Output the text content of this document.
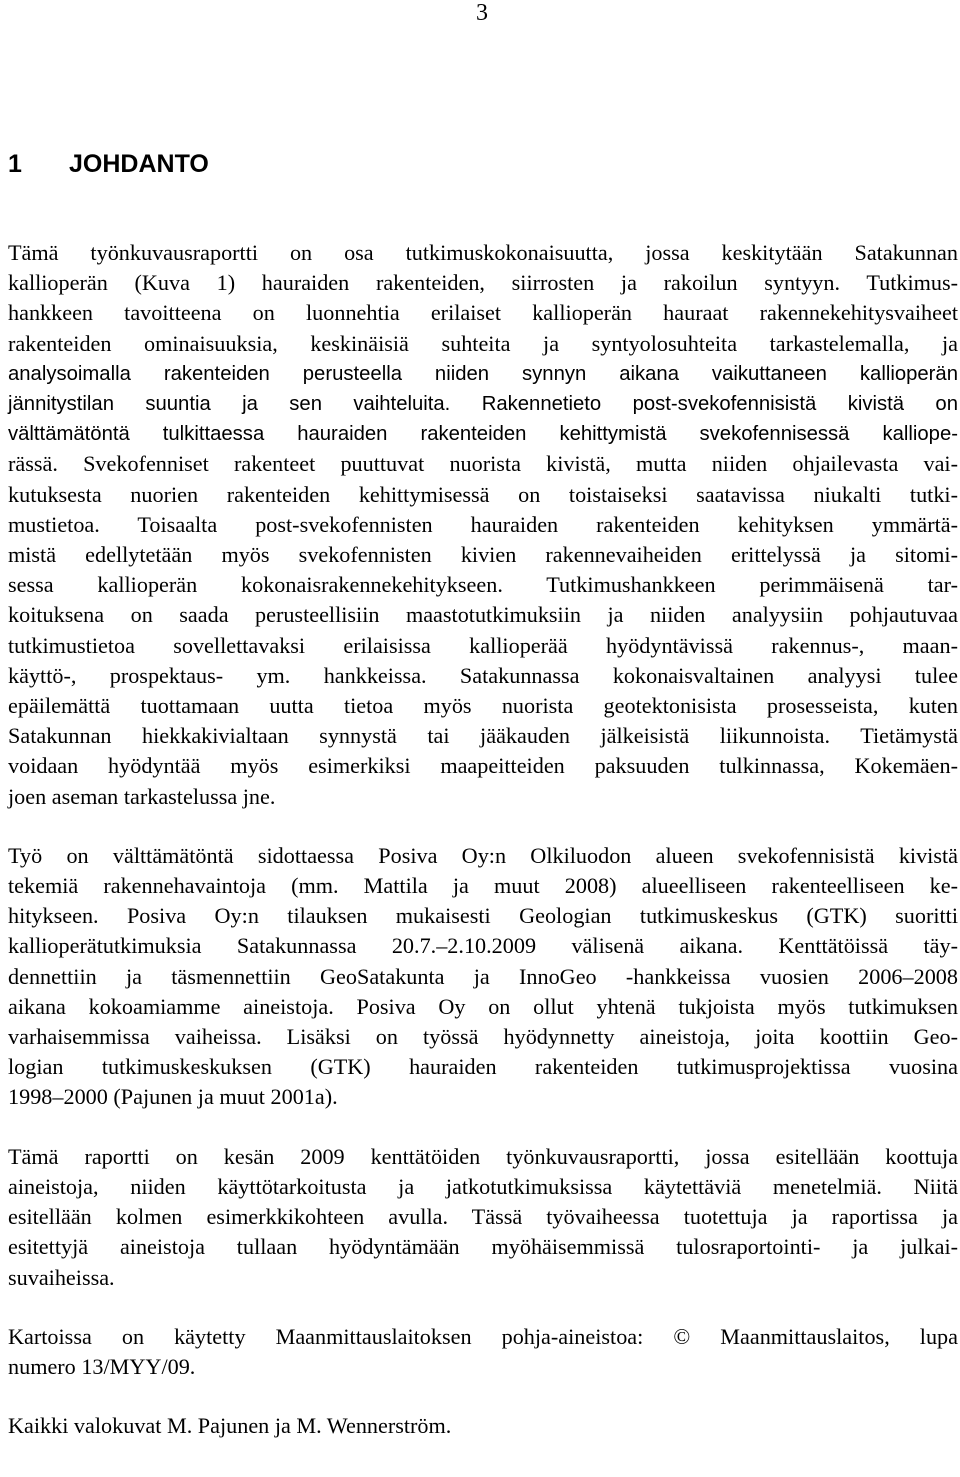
3
1 JOHDANTO
Tämä työnkuvausraportti on osa tutkimuskokonaisuutta, jossa keskitytään Satakunnan
kallioperän (Kuva 1) hauraiden rakenteiden, siirrosten ja rakoilun syntyyn. Tutkimus-
hankkeen tavoitteena on luonnehtia erilaiset kallioperän hauraat rakennekehitysvaiheet
rakenteiden ominaisuuksia, keskinäisiä suhteita ja syntyolosuhteita tarkastelemalla, ja
analysoimalla rakenteiden perusteella niiden synnyn aikana vaikuttaneen kallioperän
jännitystilan suuntia ja sen vaihteluita. Rakennetieto post-svekofennisistä kivistä on
välttämätöntä tulkittaessa hauraiden rakenteiden kehittymistä svekofennisessä kalliope-
rässä. Svekofenniset rakenteet puuttuvat nuorista kivistä, mutta niiden ohjailevasta vai-
kutuksesta nuorien rakenteiden kehittymisessä on toistaiseksi saatavissa niukalti tutki-
mustietoa. Toisaalta post-svekofennisten hauraiden rakenteiden kehityksen ymmärtä-
mistä edellytetään myös svekofennisten kivien rakennevaiheiden erittelyssä ja sitomi-
sessa kallioperän kokonaisrakennekehitykseen. Tutkimushankkeen perimmäisenä tar-
koituksena on saada perusteellisiin maastotutkimuksiin ja niiden analyysiin pohjautuvaa
tutkimustietoa sovellettavaksi erilaisissa kallioperää hyödyntävissä rakennus-, maan-
käyttö-, prospektaus- ym. hankkeissa. Satakunnassa kokonaisvaltainen analyysi tulee
epäilemättä tuottamaan uutta tietoa myös nuorista geotektonisista prosesseista, kuten
Satakunnan hiekkakivialtaan synnystä tai jääkauden jälkeisistä liikunnoista. Tietämystä
voidaan hyödyntää myös esimerkiksi maapeitteiden paksuuden tulkinnassa, Kokemäen-
joen aseman tarkastelussa jne.
Työ on välttämätöntä sidottaessa Posiva Oy:n Olkiluodon alueen svekofennisistä kivistä
tekemiä rakennehavaintoja (mm. Mattila ja muut 2008) alueelliseen rakenteelliseen ke-
hitykseen. Posiva Oy:n tilauksen mukaisesti Geologian tutkimuskeskus (GTK) suoritti
kallioperätutkimuksia Satakunnassa 20.7.–2.10.2009 välisenä aikana. Kenttätöissä täy-
dennettiin ja täsmennettiin GeoSatakunta ja InnoGeo -hankkeissa vuosien 2006–2008
aikana kokoamiamme aineistoja. Posiva Oy on ollut yhtenä tukjoista myös tutkimuksen
varhaisemmissa vaiheissa. Lisäksi on työssä hyödynnetty aineistoja, joita koottiin Geo-
logian tutkimuskeskuksen (GTK) hauraiden rakenteiden tutkimusprojektissa vuosina
1998–2000 (Pajunen ja muut 2001a).
Tämä raportti on kesän 2009 kenttätöiden työnkuvausraportti, jossa esitellään koottuja
aineistoja, niiden käyttötarkoitusta ja jatkotutkimuksissa käytettäviä menetelmiä. Niitä
esitellään kolmen esimerkkikohteen avulla. Tässä työvaiheessa tuotettuja ja raportissa ja
esitettyjä aineistoja tullaan hyödyntämään myöhäisemmissä tulosraportointi- ja julkai-
suvaiheissa.
Kartoissa on käytetty Maanmittauslaitoksen pohja-aineistoa: © Maanmittauslaitos, lupa
numero 13/MYY/09.
Kaikki valokuvat M. Pajunen ja M. Wennerström.
